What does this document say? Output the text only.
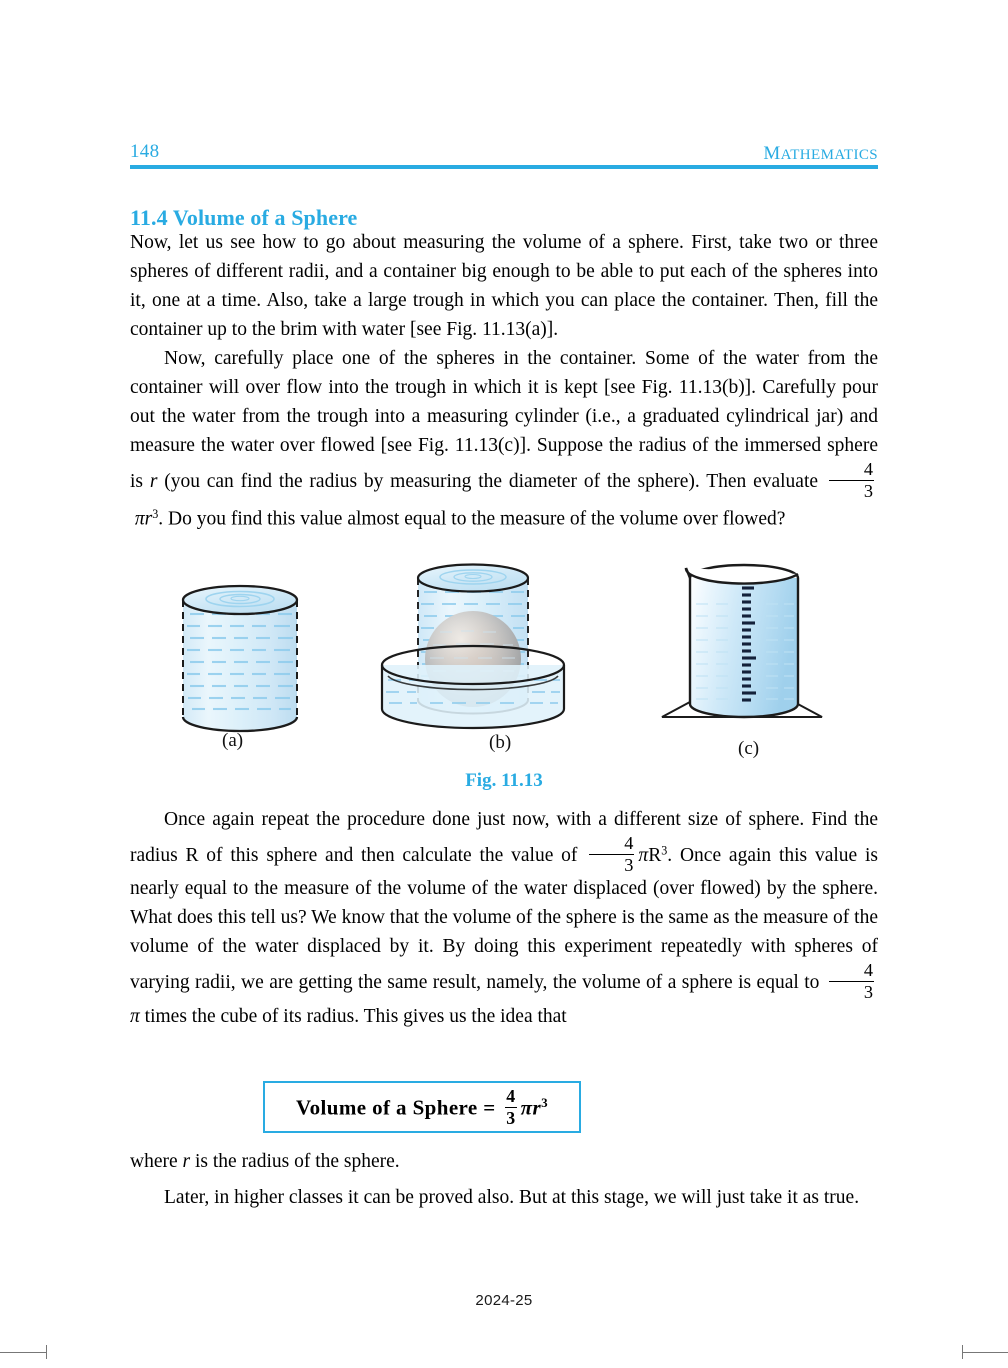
148	MATHEMATICS
11.4 Volume of a Sphere
Now, let us see how to go about measuring the volume of a sphere. First, take two or three spheres of different radii, and a container big enough to be able to put each of the spheres into it, one at a time. Also, take a large trough in which you can place the container. Then, fill the container up to the brim with water [see Fig. 11.13(a)].
Now, carefully place one of the spheres in the container. Some of the water from the container will over flow into the trough in which it is kept [see Fig. 11.13(b)]. Carefully pour out the water from the trough into a measuring cylinder (i.e., a graduated cylindrical jar) and measure the water over flowed [see Fig. 11.13(c)]. Suppose the radius of the immersed sphere is r (you can find the radius by measuring the diameter of the sphere). Then evaluate $\frac{4}{3}$
$\pi r^3$. Do you find this value almost equal to the measure of the volume over flowed?
(a)	(b)	(c)
Fig. 11.13
Once again repeat the procedure done just now, with a different size of sphere. Find the radius R of this sphere and then calculate the value of $\frac{4}{3} \pi R^3$. Once again this value is nearly equal to the measure of the volume of the water displaced (over flowed) by the sphere. What does this tell us? We know that the volume of the sphere is the same as the measure of the volume of the water displaced by it. By doing this experiment repeatedly with spheres of varying radii, we are getting the same result, namely, the volume of a sphere is equal to $\frac{4}{3}$
π times the cube of its radius. This gives us the idea that
Volume of a Sphere = $\frac{4}{3} \pi r^3$
where r is the radius of the sphere.
Later, in higher classes it can be proved also. But at this stage, we will just take it as true.
2024-25
